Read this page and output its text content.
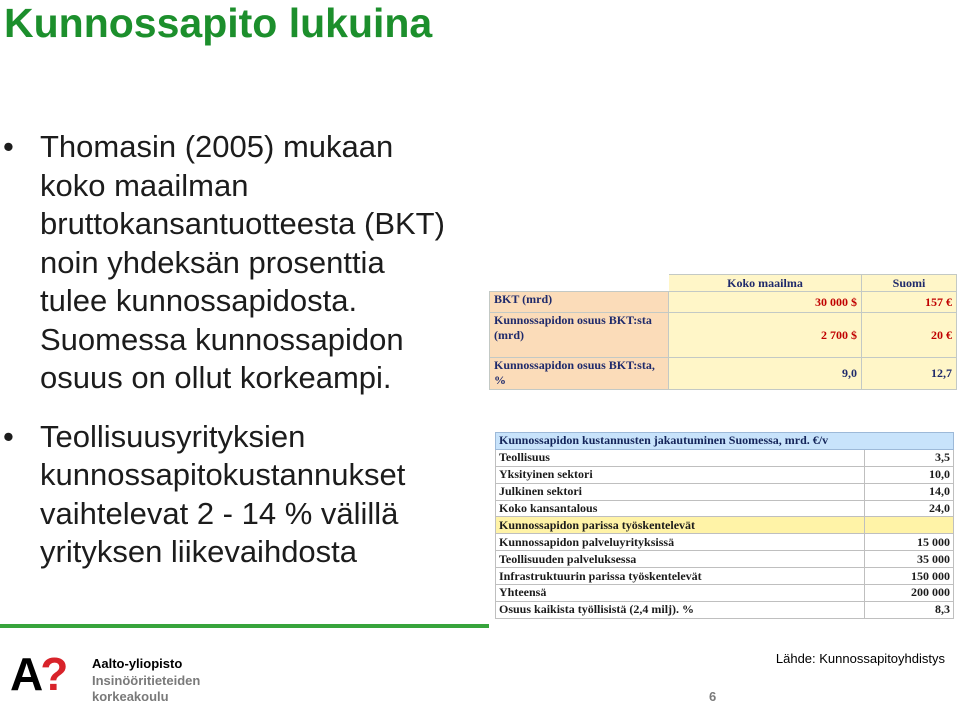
Kunnossapito lukuina
• Thomasin (2005) mukaan
koko maailman
bruttokansantuotteesta (BKT)
noin yhdeksän prosenttia
tulee kunnossapidosta.
Suomessa kunnossapidon
osuus on ollut korkeampi.
• Teollisuusyrityksien
kunnossapitokustannukset
vaihtelevat 2 - 14 % välillä
yrityksen liikevaihdosta
	Koko maailma	Suomi
BKT (mrd)	30 000 $	157 €
Kunnossapidon osuus BKT:sta (mrd)	2 700 $	20 €
Kunnossapidon osuus BKT:sta, %	9,0	12,7
Kunnossapidon kustannusten jakautuminen Suomessa, mrd. €/v	
Teollisuus	3,5
Yksityinen sektori	10,0
Julkinen sektori	14,0
Koko kansantalous	24,0
Kunnossapidon parissa työskentelevät	
Kunnossapidon palveluyrityksissä	15 000
Teollisuuden palveluksessa	35 000
Infrastruktuurin parissa työskentelevät	150 000
Yhteensä	200 000
Osuus kaikista työllisistä (2,4 milj). %	8,3
A? Aalto-yliopisto
Insinööritieteiden
korkeakoulu
Lähde: Kunnossapitoyhdistys
6
